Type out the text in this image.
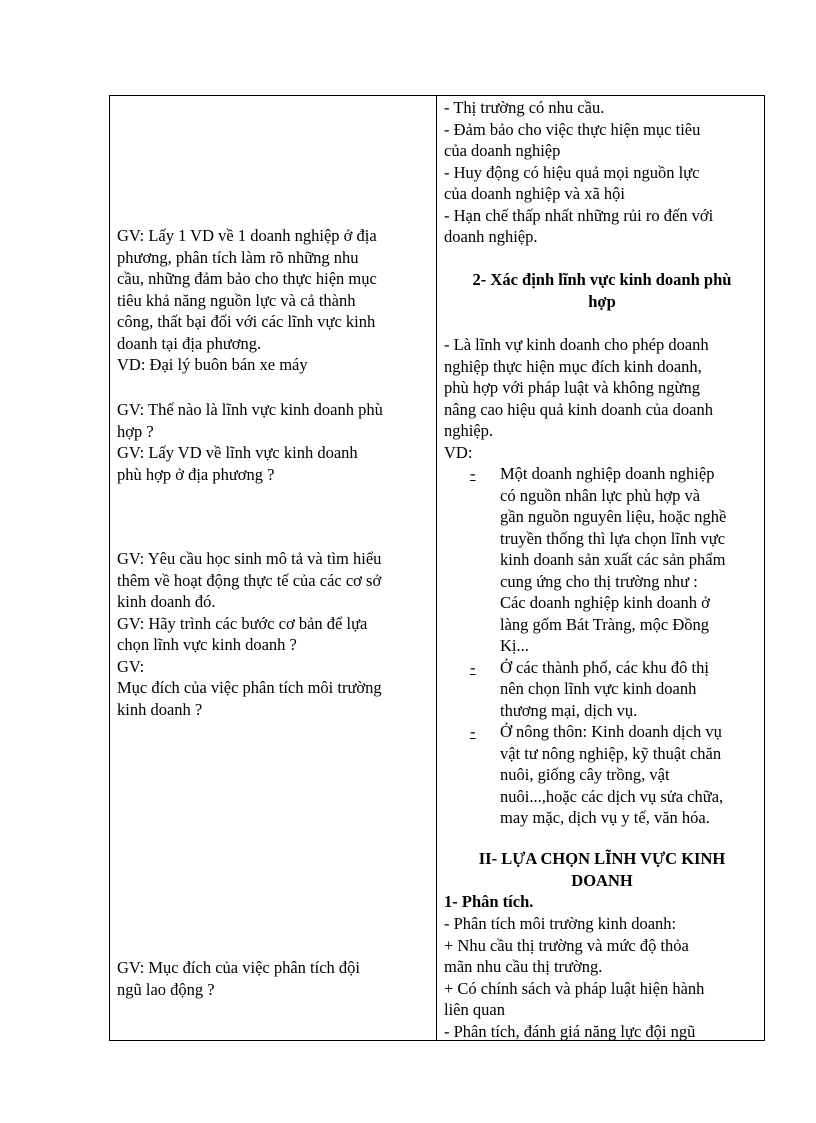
GV: Lấy 1 VD về 1 doanh nghiệp ở địa
phương, phân tích làm rõ những nhu
cầu, những đảm bảo cho thực hiện mục
tiêu khả năng nguồn lực và cả thành
công, thất bại đối với các lĩnh vực kinh
doanh tại địa phương.
VD: Đại lý buôn bán xe máy
GV: Thế nào là lĩnh vực kinh doanh phù
hợp ?
GV: Lấy VD về lĩnh vực kinh doanh
phù hợp ở địa phương ?
GV: Yêu cầu học sinh mô tả và tìm hiểu
thêm về hoạt động thực tế của các cơ sở
kinh doanh đó.
GV: Hãy trình các bước cơ bản để lựa
chọn lĩnh vực kinh doanh ?
GV:
Mục đích của việc phân tích môi trường
kinh doanh ?
GV: Mục đích của việc phân tích đội
ngũ lao động ?
- Thị trường có nhu cầu.
- Đảm bảo cho việc thực hiện mục tiêu
của doanh nghiệp
- Huy động có hiệu quả mọi nguồn lực
của doanh nghiệp và xã hội
- Hạn chế thấp nhất những rủi ro đến với
doanh nghiệp.
2- Xác định lĩnh vực kinh doanh phù
hợp
- Là lĩnh vự kinh doanh cho phép doanh
nghiệp thực hiện mục đích kinh doanh,
phù hợp với pháp luật và không ngừng
nâng cao hiệu quả kinh doanh của doanh
nghiệp.
VD:
-	Một doanh nghiệp doanh nghiệp
có nguồn nhân lực phù hợp và
gần nguồn nguyên liệu, hoặc nghề
truyền thống thì lựa chọn lĩnh vực
kinh doanh sản xuất các sản phẩm
cung ứng cho thị trường như :
Các doanh nghiệp kinh doanh ở
làng gốm Bát Tràng, mộc Đồng
Kị...
-	Ở các thành phố, các khu đô thị
nên chọn lĩnh vực kinh doanh
thương mại, dịch vụ.
-	Ở nông thôn: Kinh doanh dịch vụ
vật tư nông nghiệp, kỹ thuật chăn
nuôi, giống cây trồng, vật
nuôi...,hoặc các dịch vụ sửa chữa,
may mặc, dịch vụ y tế, văn hóa.
II- LỰA CHỌN LĨNH VỰC KINH
DOANH
1- Phân tích.
- Phân tích môi trường kinh doanh:
+ Nhu cầu thị trường và mức độ thỏa
mãn nhu cầu thị trường.
+ Có chính sách và pháp luật hiện hành
liên quan
- Phân tích, đánh giá năng lực đội ngũ
